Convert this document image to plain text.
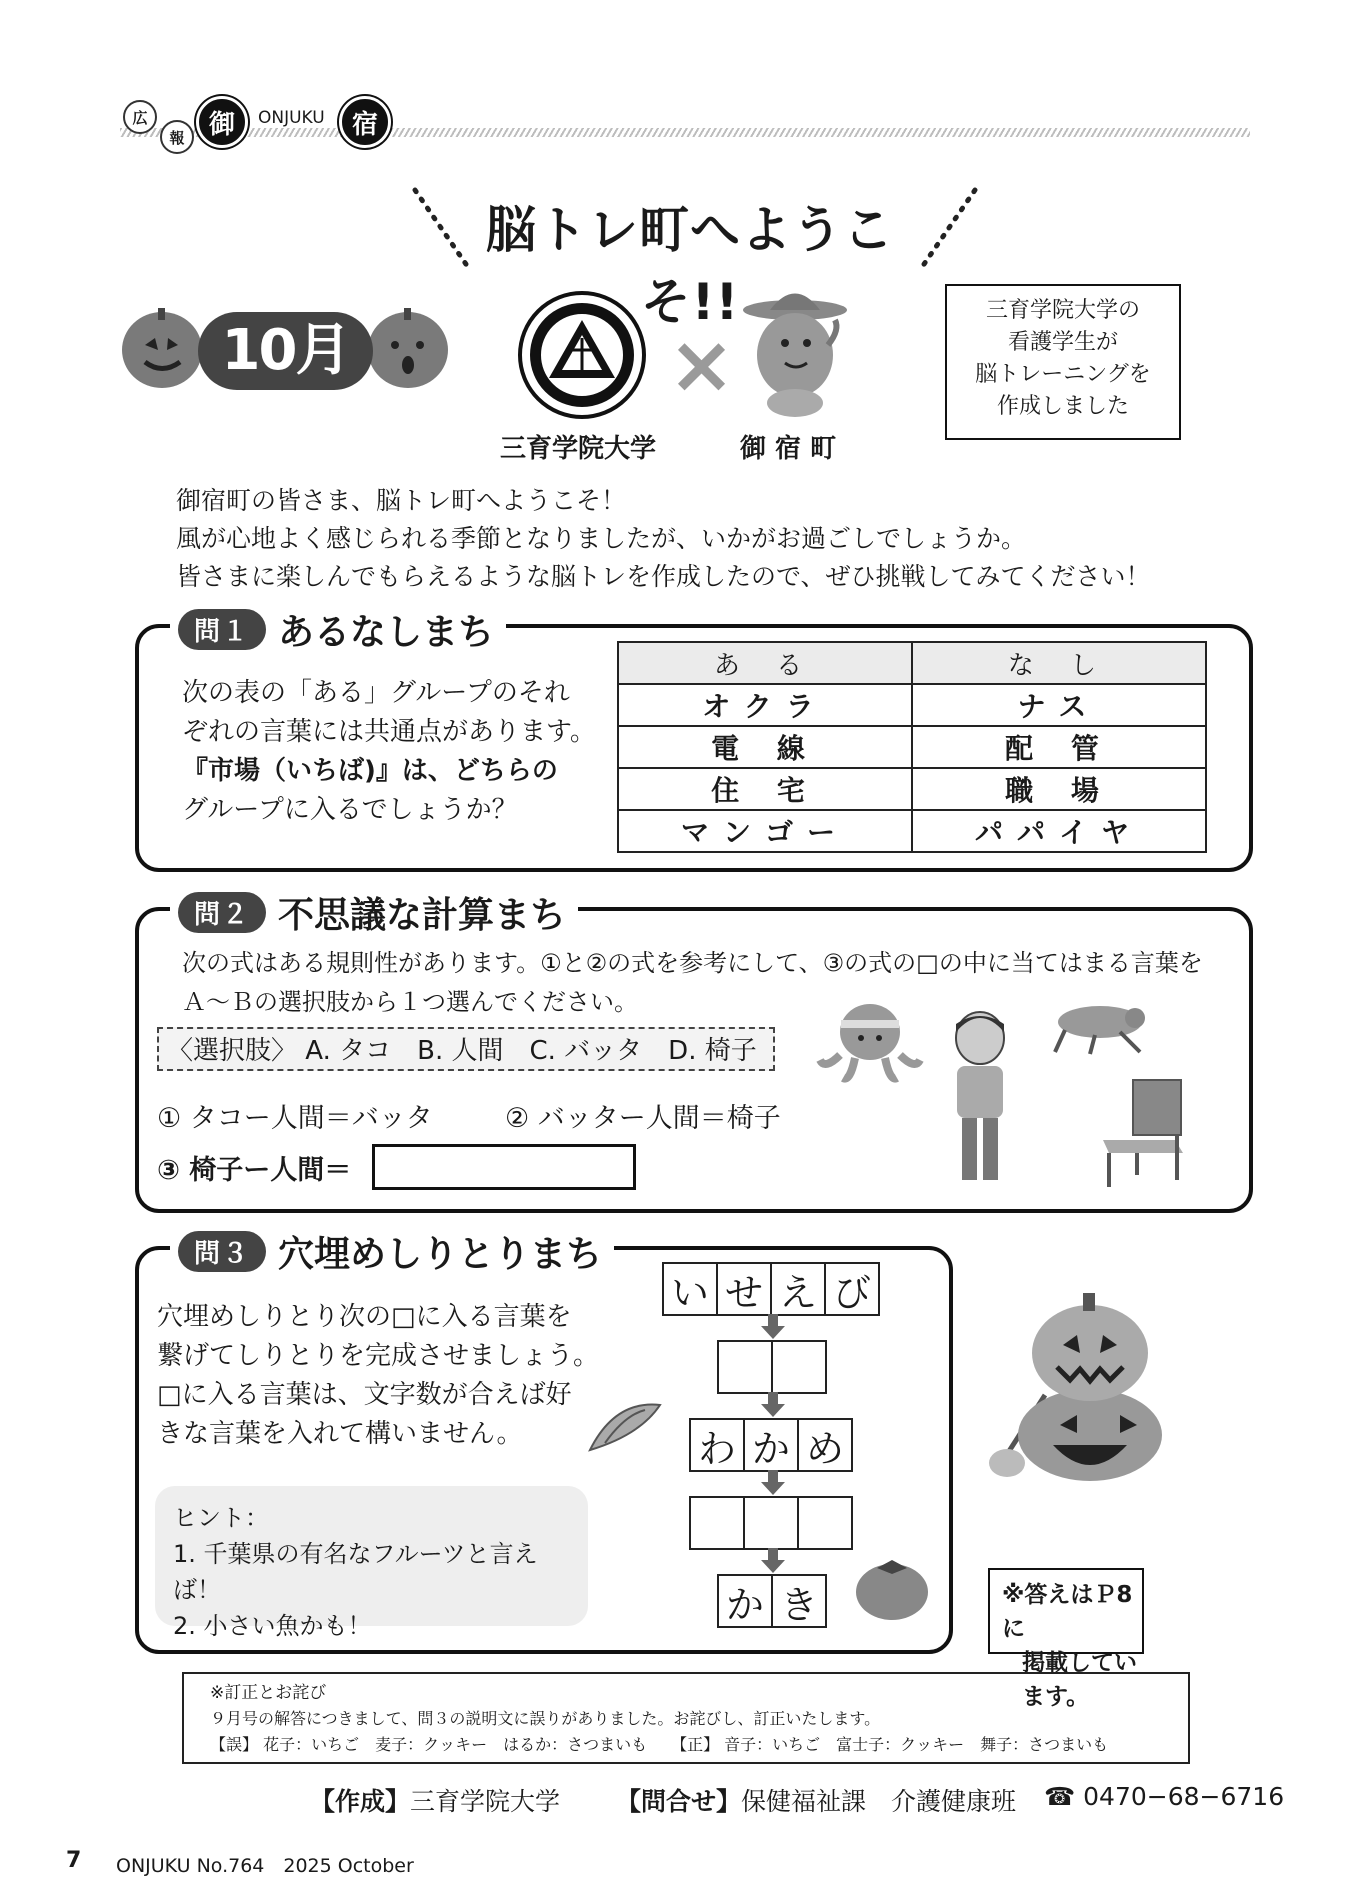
広
報 御 ONJUKU 宿
脳トレ町へようこそ!!
10月
三育学院大学
×
御 宿 町
三育学院大学の
看護学生が
脳トレーニングを
作成しました
御宿町の皆さま、脳トレ町へようこそ！
風が心地よく感じられる季節となりましたが、いかがお過ごしでしょうか。
皆さまに楽しんでもらえるような脳トレを作成したので、ぜひ挑戦してみてください！
問１ あるなしまち
次の表の「ある」グループのそれ
ぞれの言葉には共通点があります。
『市場（いちば)』は、どちらの
グループに入るでしょうか？
あ る	な し
オクラ	ナス
電 線	配 管
住 宅	職 場
マンゴー	パパイヤ
問２ 不思議な計算まち
次の式はある規則性があります。①と②の式を参考にして、③の式の□の中に当てはまる言葉を
Ａ～Ｂの選択肢から１つ選んでください。
〈選択肢〉 A. タコ　B. 人間　C. バッタ　D. 椅子
① タコー人間＝バッタ	② バッター人間＝椅子
③ 椅子ー人間＝
問３ 穴埋めしりとりまち
穴埋めしりとり次の□に入る言葉を
繋げてしりとりを完成させましょう。
□に入る言葉は、文字数が合えば好
きな言葉を入れて構いません。
ヒント：
1. 千葉県の有名なフルーツと言えば！
2. 小さい魚かも！
い せ え び
わ か め
か き	※答えはＰ8に
掲載しています。
※訂正とお詫び
９月号の解答につきまして、問３の説明文に誤りがありました。お詫びし、訂正いたします。
【誤】 花子：いちご　麦子：クッキー　はるか：さつまいも　　【正】 音子：いちご　富士子：クッキー　舞子：さつまいも
【作成】 三育学院大学 【問合せ】 保健福祉課　介護健康班 ☎ 0470−68−6716
7 ONJUKU No.764　2025 October
